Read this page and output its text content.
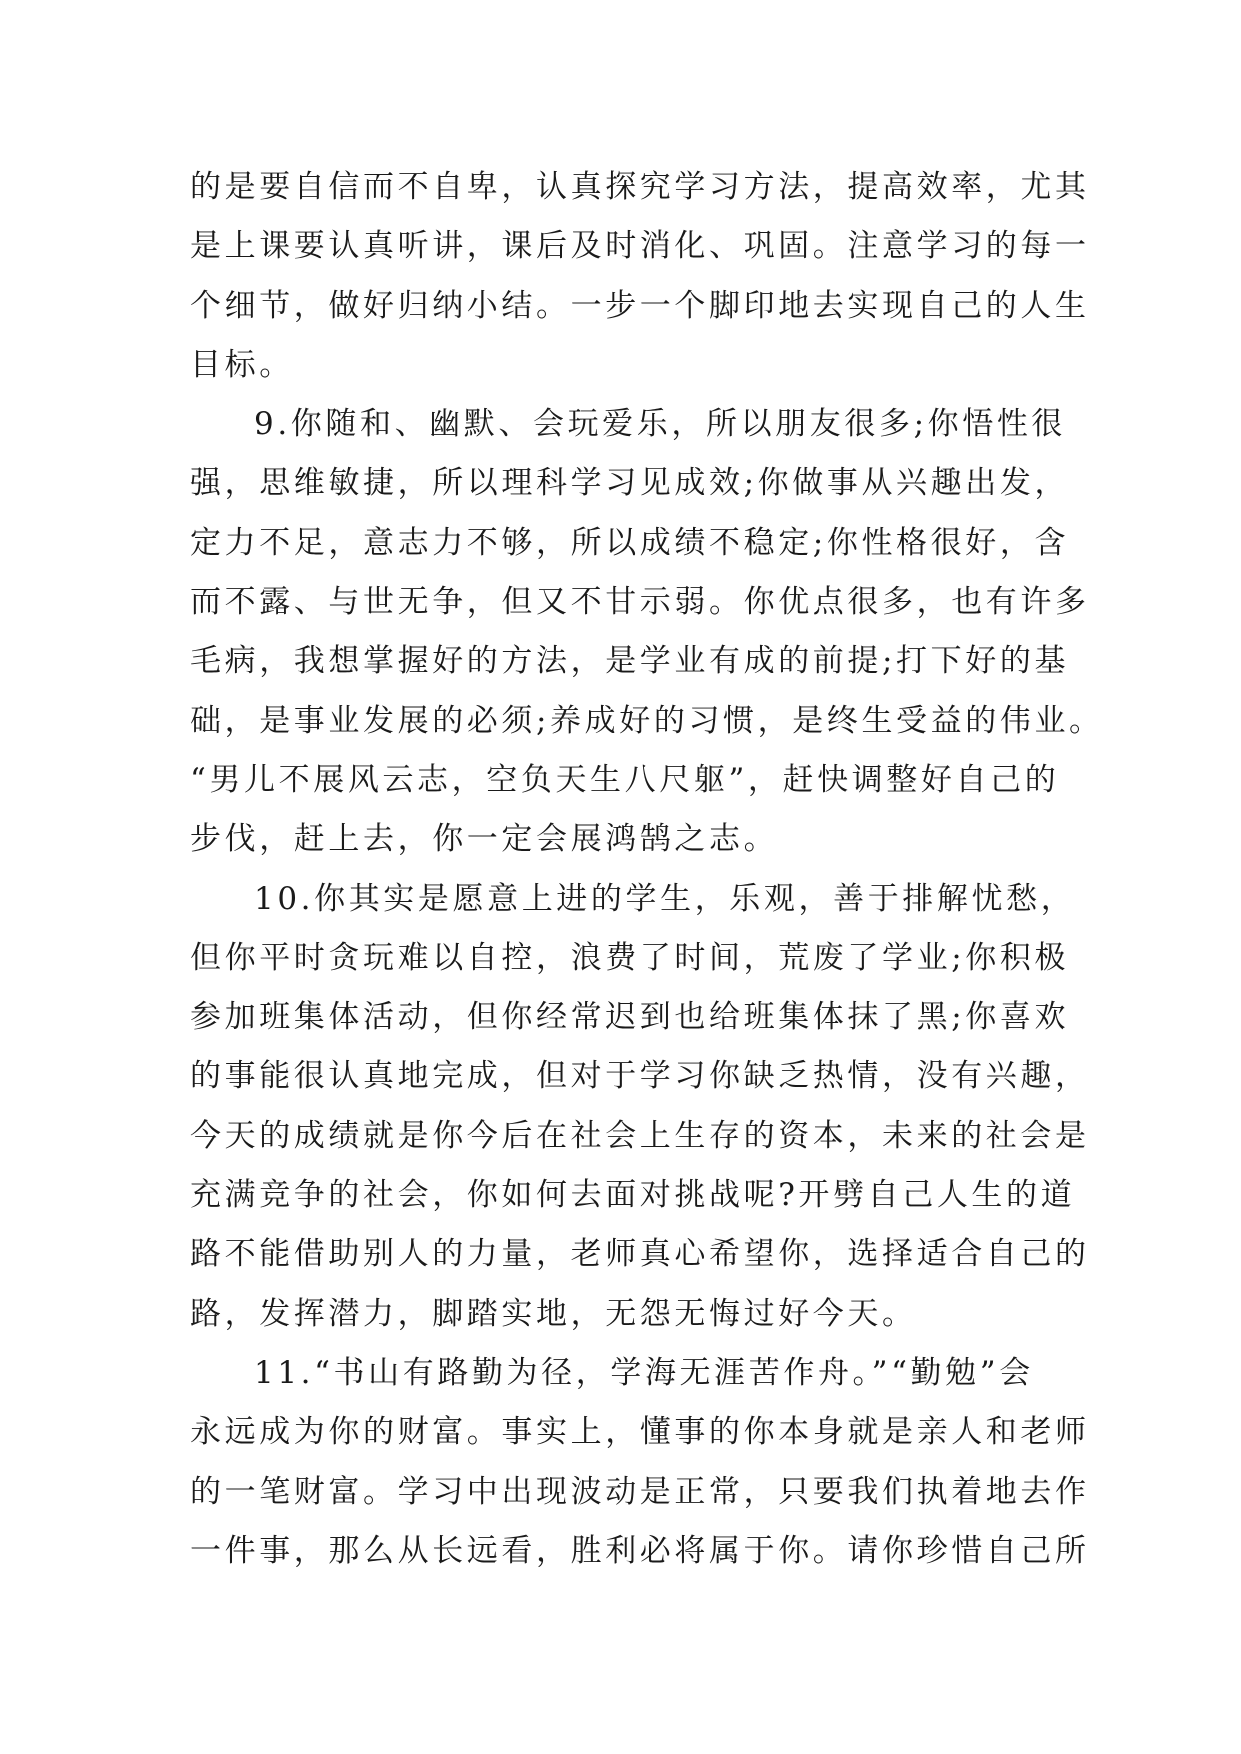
的是要自信而不自卑，认真探究学习方法，提高效率，尤其
是上课要认真听讲，课后及时消化、巩固。注意学习的每一
个细节，做好归纳小结。一步一个脚印地去实现自己的人生
目标。
9.你随和、幽默、会玩爱乐，所以朋友很多;你悟性很
强，思维敏捷，所以理科学习见成效;你做事从兴趣出发，
定力不足，意志力不够，所以成绩不稳定;你性格很好，含
而不露、与世无争，但又不甘示弱。你优点很多，也有许多
毛病，我想掌握好的方法，是学业有成的前提;打下好的基
础，是事业发展的必须;养成好的习惯，是终生受益的伟业。
“男儿不展风云志，空负天生八尺躯”，赶快调整好自己的
步伐，赶上去，你一定会展鸿鹄之志。
10.你其实是愿意上进的学生，乐观，善于排解忧愁，
但你平时贪玩难以自控，浪费了时间，荒废了学业;你积极
参加班集体活动，但你经常迟到也给班集体抹了黑;你喜欢
的事能很认真地完成，但对于学习你缺乏热情，没有兴趣，
今天的成绩就是你今后在社会上生存的资本，未来的社会是
充满竞争的社会，你如何去面对挑战呢?开劈自己人生的道
路不能借助别人的力量，老师真心希望你，选择适合自己的
路，发挥潜力，脚踏实地，无怨无悔过好今天。
11.“书山有路勤为径，学海无涯苦作舟。”“勤勉”会
永远成为你的财富。事实上，懂事的你本身就是亲人和老师
的一笔财富。学习中出现波动是正常，只要我们执着地去作
一件事，那么从长远看，胜利必将属于你。请你珍惜自己所
